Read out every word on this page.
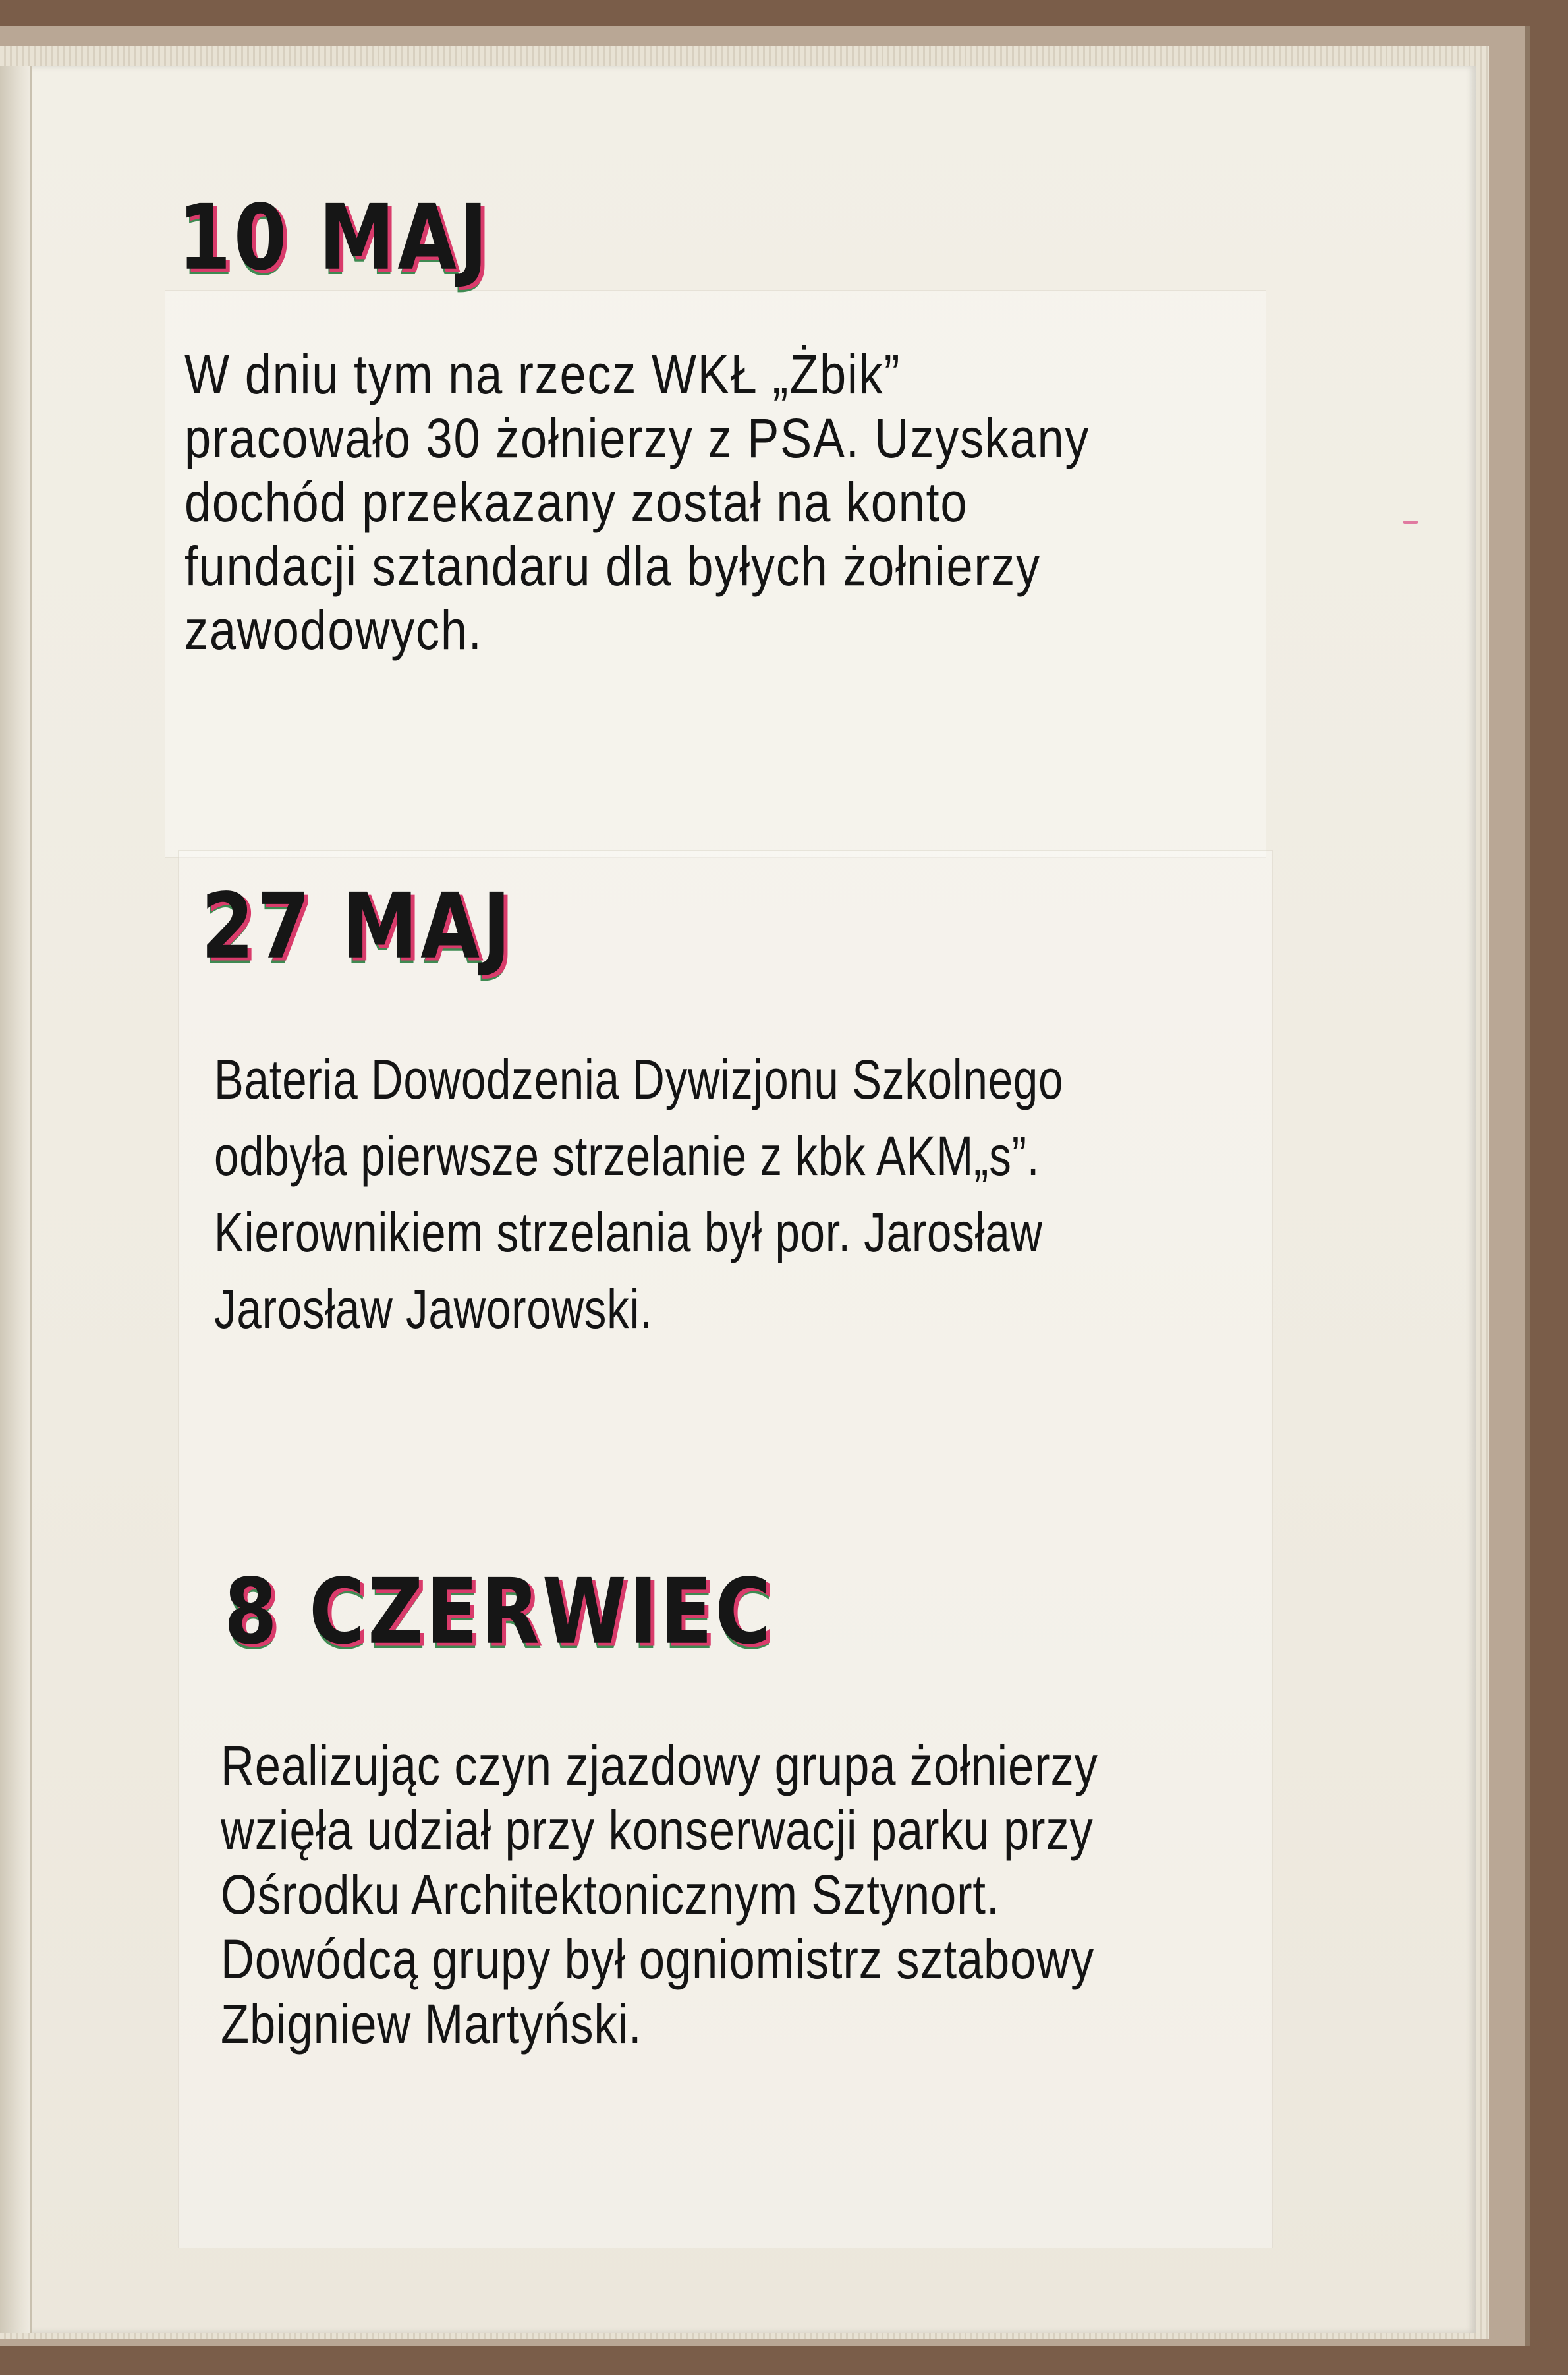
10 MAJ

W dniu tym na rzecz WKŁ „Żbik”
pracowało 30 żołnierzy z PSA. Uzyskany
dochód przekazany został na konto
fundacji sztandaru dla byłych żołnierzy
zawodowych.

27 MAJ

Bateria Dowodzenia Dywizjonu Szkolnego
odbyła pierwsze strzelanie z kbk AKM„s”.
Kierownikiem strzelania był por. Jarosław
Jarosław Jaworowski.

8 CZERWIEC

Realizując czyn zjazdowy grupa żołnierzy
wzięła udział przy konserwacji parku przy
Ośrodku Architektonicznym Sztynort.
Dowódcą grupy był ogniomistrz sztabowy
Zbigniew Martyński.
